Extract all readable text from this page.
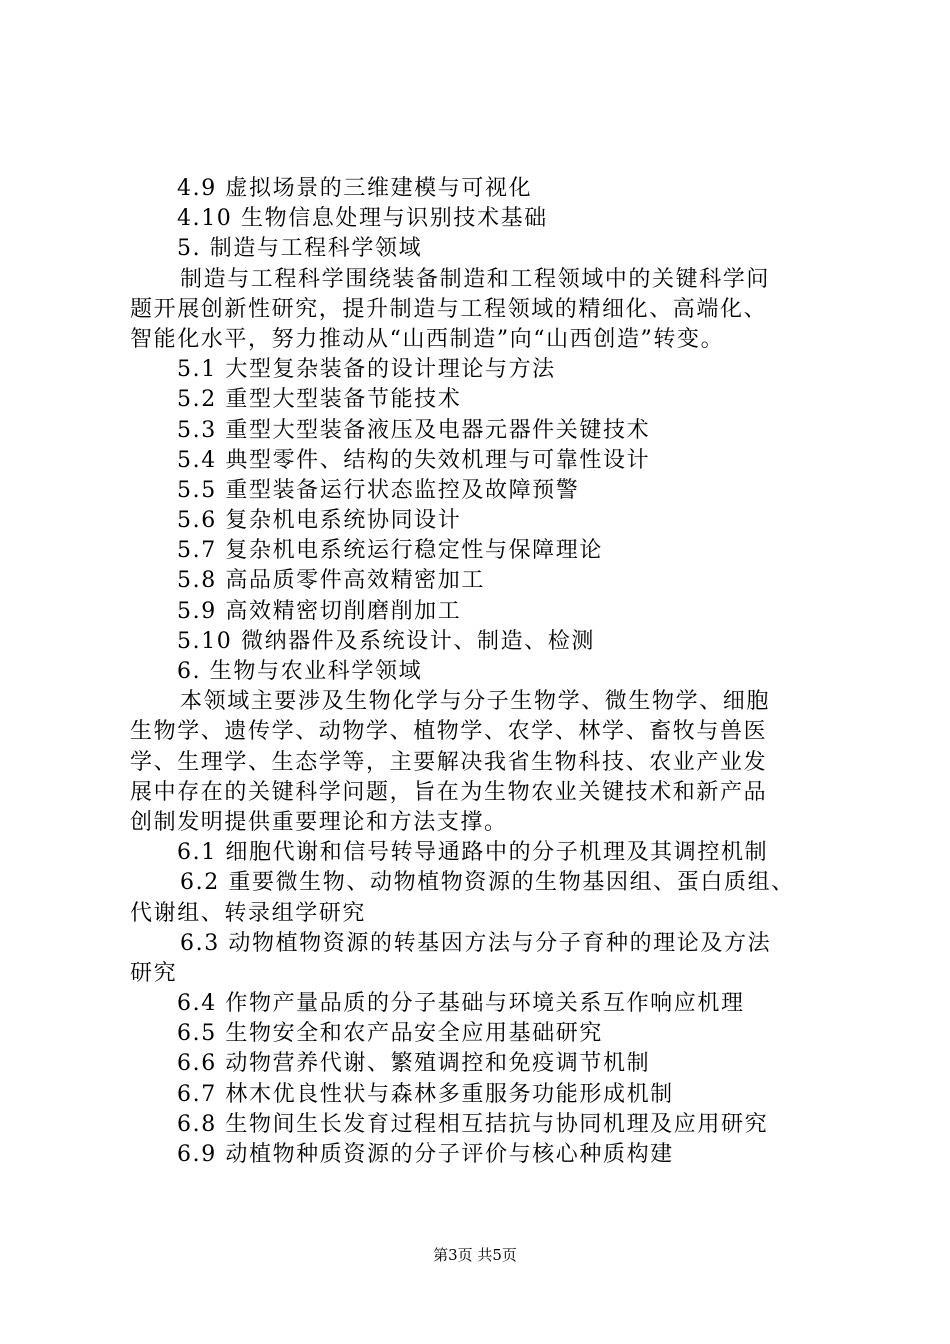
4.9 虚拟场景的三维建模与可视化
4.10 生物信息处理与识别技术基础
5. 制造与工程科学领域
制造与工程科学围绕装备制造和工程领域中的关键科学问
题开展创新性研究，提升制造与工程领域的精细化、高端化、
智能化水平，努力推动从“山西制造”向“山西创造”转变。
5.1 大型复杂装备的设计理论与方法
5.2 重型大型装备节能技术
5.3 重型大型装备液压及电器元器件关键技术
5.4 典型零件、结构的失效机理与可靠性设计
5.5 重型装备运行状态监控及故障预警
5.6 复杂机电系统协同设计
5.7 复杂机电系统运行稳定性与保障理论
5.8 高品质零件高效精密加工
5.9 高效精密切削磨削加工
5.10 微纳器件及系统设计、制造、检测
6. 生物与农业科学领域
本领域主要涉及生物化学与分子生物学、微生物学、细胞
生物学、遗传学、动物学、植物学、农学、林学、畜牧与兽医
学、生理学、生态学等，主要解决我省生物科技、农业产业发
展中存在的关键科学问题，旨在为生物农业关键技术和新产品
创制发明提供重要理论和方法支撑。
6.1 细胞代谢和信号转导通路中的分子机理及其调控机制
6.2 重要微生物、动物植物资源的生物基因组、蛋白质组、
代谢组、转录组学研究
6.3 动物植物资源的转基因方法与分子育种的理论及方法
研究
6.4 作物产量品质的分子基础与环境关系互作响应机理
6.5 生物安全和农产品安全应用基础研究
6.6 动物营养代谢、繁殖调控和免疫调节机制
6.7 林木优良性状与森林多重服务功能形成机制
6.8 生物间生长发育过程相互拮抗与协同机理及应用研究
6.9 动植物种质资源的分子评价与核心种质构建
第3页 共5页
